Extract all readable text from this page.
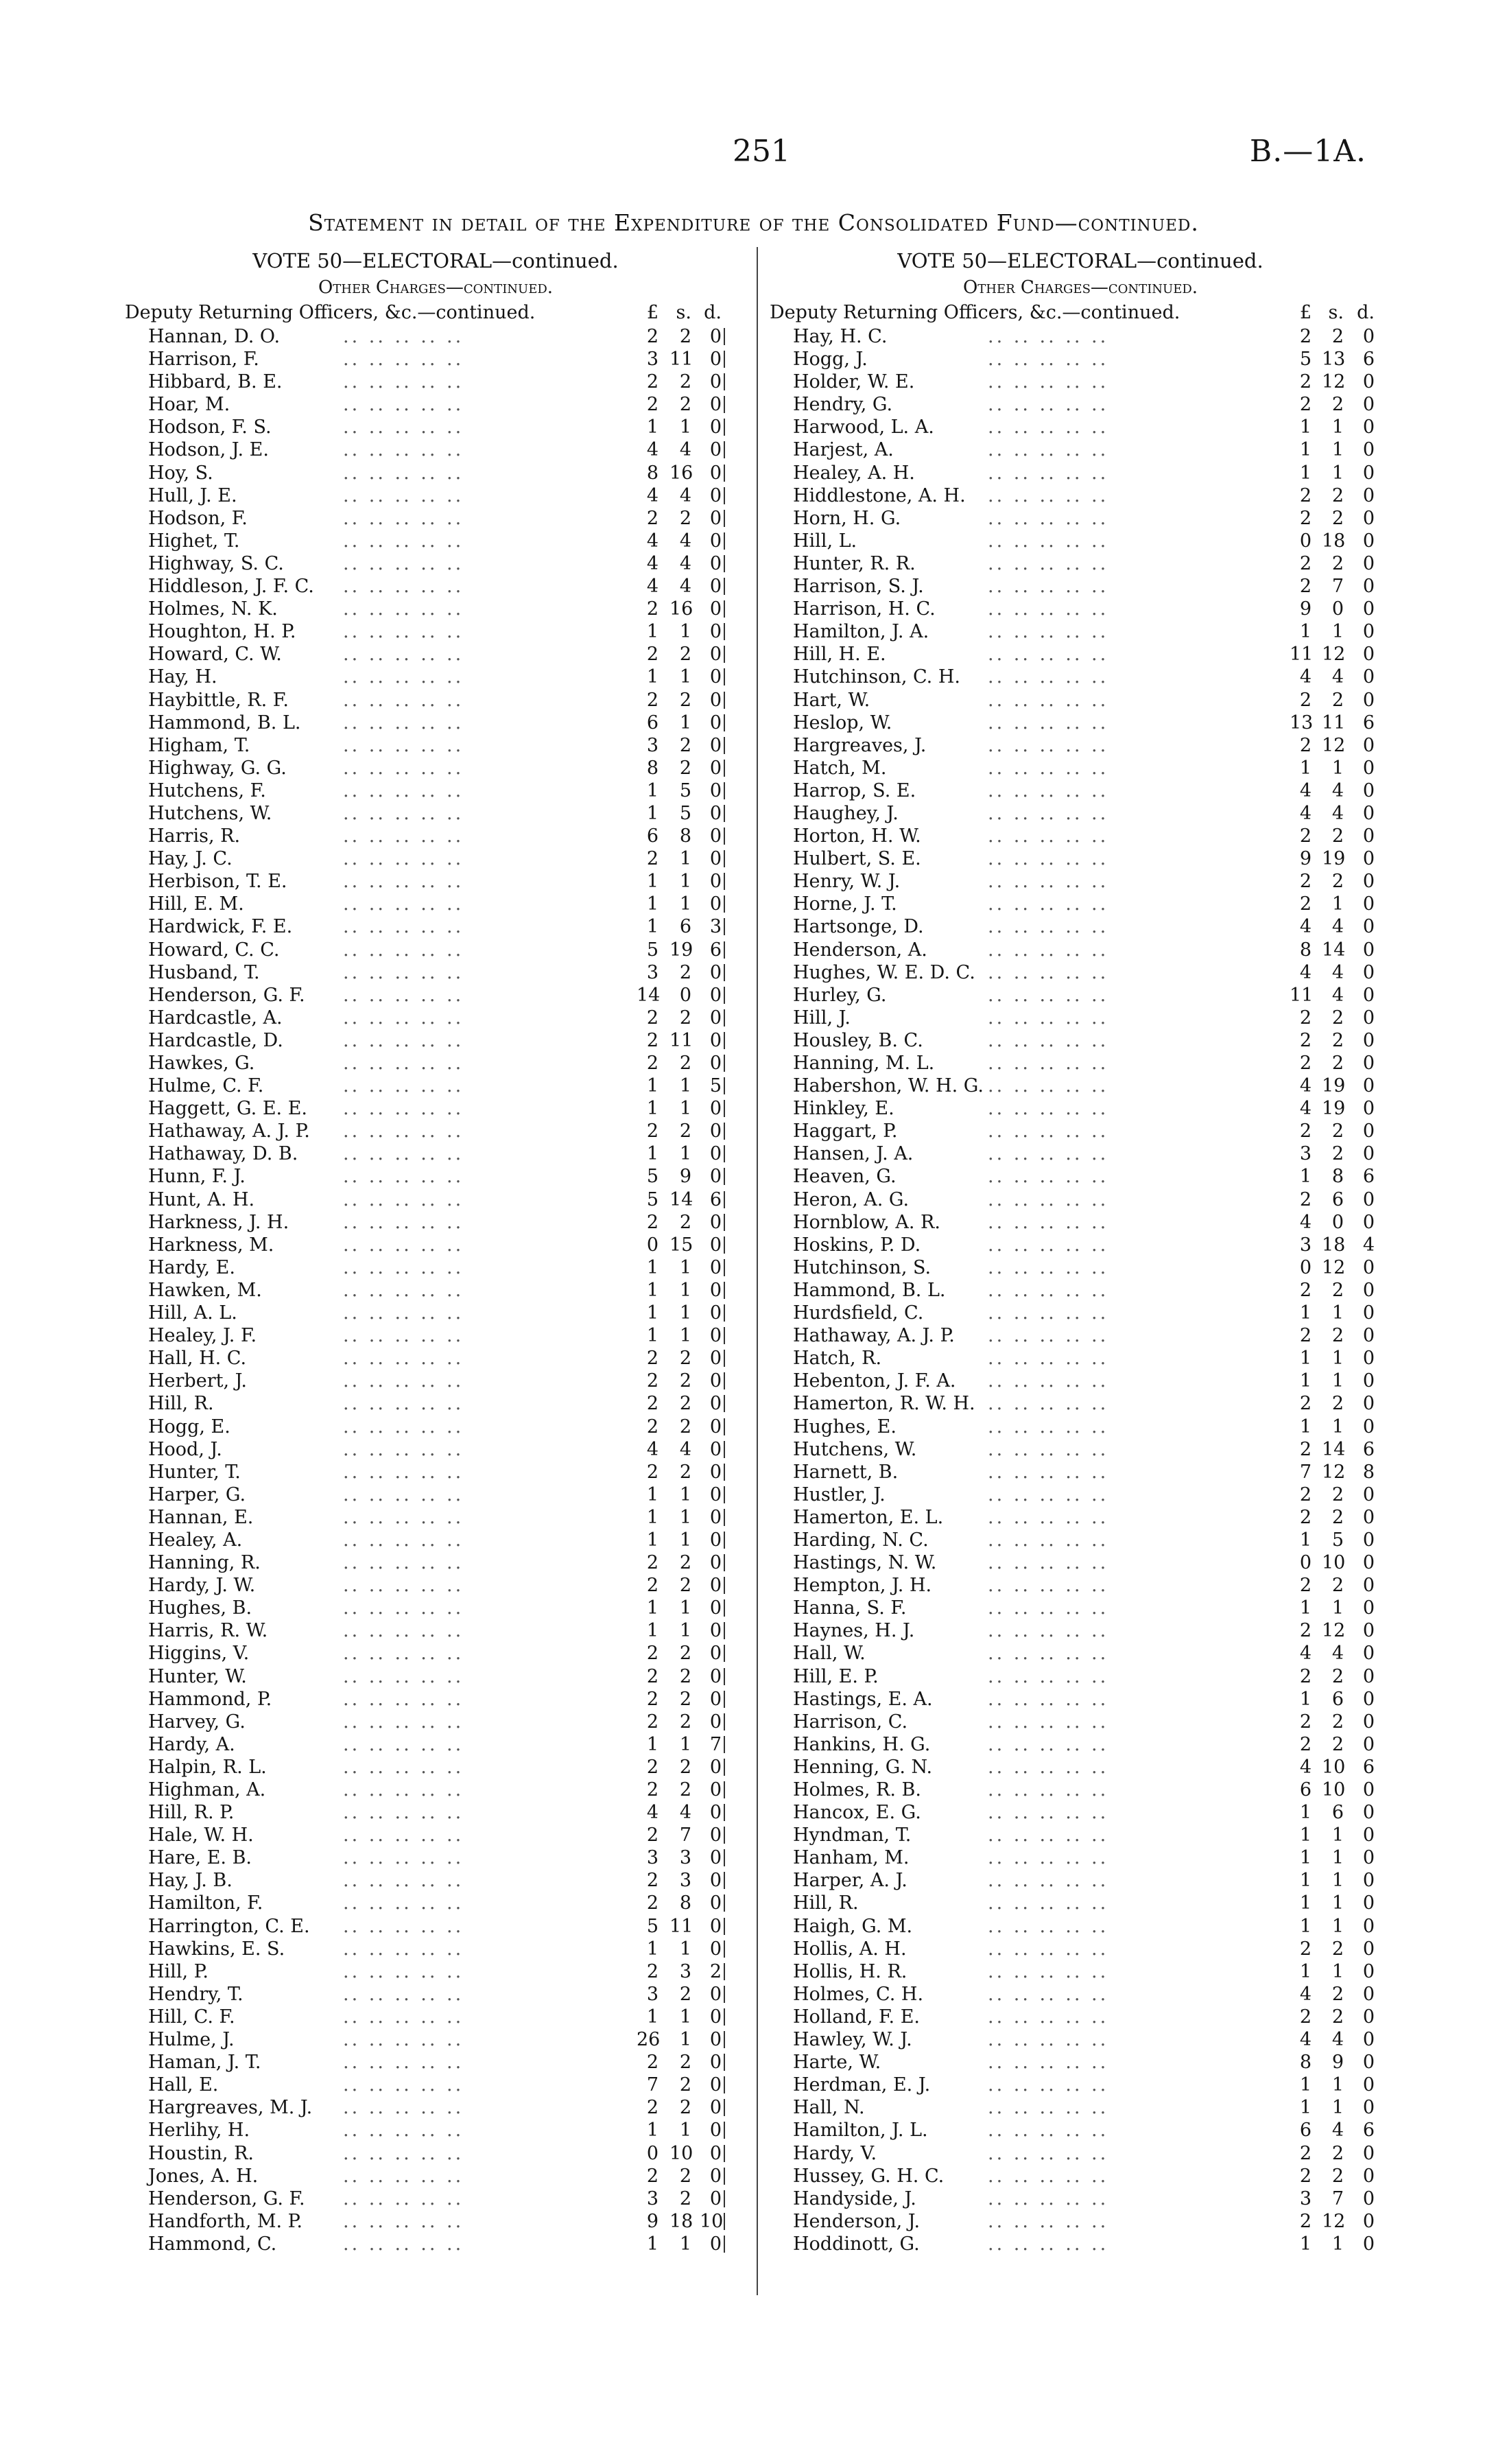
251	B.—1A.
Statement in detail of the Expenditure of the Consolidated Fund—continued.
VOTE 50—ELECTORAL—continued.
Other Charges—continued.
Deputy Returning Officers, &c.—continued.	£ s. d.
Hannan, D. O.	.. .. .. .. ..	2	2 0
Harrison, F.	.. .. .. .. ..	3 11 0
Hibbard, B. E.	.. .. .. .. ..	2	2 0
Hoar, M.	.. .. .. .. ..	2	2 0
Hodson, F. S.	.. .. .. .. ..	1	1 0
Hodson, J. E.	.. .. .. .. ..	4	4 0
Hoy, S.	.. .. .. .. ..	8 16 0
Hull, J. E.	.. .. .. .. ..	4	4 0
Hodson, F.	.. .. .. .. ..	2	2 0
Highet, T.	.. .. .. .. ..	4	4 0
Highway, S. C.	.. .. .. .. ..	4	4 0
Hiddleson, J. F. C. .. .. .. .. ..	4	4 0
Holmes, N. K.	.. .. .. .. ..	2 16 0
Houghton, H. P.	.. .. .. .. ..	1	1 0
Howard, C. W.	.. .. .. .. ..	2	2 0
Hay, H.	.. .. .. .. ..	1	1 0
Haybittle, R. F.	.. .. .. .. ..	2	2 0
Hammond, B. L. .. .. .. .. ..	6	1 0
Higham, T.	.. .. .. .. ..	3	2 0
Highway, G. G.	.. .. .. .. ..	8	2 0
Hutchens, F.	.. .. .. .. ..	1	5 0
Hutchens, W.	.. .. .. .. ..	1	5 0
Harris, R.	.. .. .. .. ..	6	8 0
Hay, J. C.	.. .. .. .. ..	2	1 0
Herbison, T. E.	.. .. .. .. ..	1	1 0
Hill, E. M.	.. .. .. .. ..	1	1 0
Hardwick, F. E.	.. .. .. .. ..	1	6 3
Howard, C. C.	.. .. .. .. ..	5 19 6
Husband, T.	.. .. .. .. ..	3	2 0
Henderson, G. F. .. .. .. .. ..	14	0 0
Hardcastle, A.	.. .. .. .. ..	2	2 0
Hardcastle, D.	.. .. .. .. ..	2 11 0
Hawkes, G.	.. .. .. .. ..	2	2 0
Hulme, C. F.	.. .. .. .. ..	1	1 5
Haggett, G. E. E. .. .. .. .. ..	1	1 0
Hathaway, A. J. P. .. .. .. .. ..	2	2 0
Hathaway, D. B. .. .. .. .. ..	1	1 0
Hunn, F. J.	.. .. .. .. ..	5	9 0
Hunt, A. H.	.. .. .. .. ..	5 14 6
Harkness, J. H.	.. .. .. .. ..	2	2 0
Harkness, M.	.. .. .. .. ..	0 15 0
Hardy, E.	.. .. .. .. ..	1	1 0
Hawken, M.	.. .. .. .. ..	1	1 0
Hill, A. L.	.. .. .. .. ..	1	1 0
Healey, J. F.	.. .. .. .. ..	1	1 0
Hall, H. C.	.. .. .. .. ..	2	2 0
Herbert, J.	.. .. .. .. ..	2	2 0
Hill, R.	.. .. .. .. ..	2	2 0
Hogg, E.	.. .. .. .. ..	2	2 0
Hood, J.	.. .. .. .. ..	4	4 0
Hunter, T.	.. .. .. .. ..	2	2 0
Harper, G.	.. .. .. .. ..	1	1 0
Hannan, E.	.. .. .. .. ..	1	1 0
Healey, A.	.. .. .. .. ..	1	1 0
Hanning, R.	.. .. .. .. ..	2	2 0
Hardy, J. W.	.. .. .. .. ..	2	2 0
Hughes, B.	.. .. .. .. ..	1	1 0
Harris, R. W.	.. .. .. .. ..	1	1 0
Higgins, V.	.. .. .. .. ..	2	2 0
Hunter, W.	.. .. .. .. ..	2	2 0
Hammond, P.	.. .. .. .. ..	2	2 0
Harvey, G.	.. .. .. .. ..	2	2 0
Hardy, A.	.. .. .. .. ..	1	1 7
Halpin, R. L.	.. .. .. .. ..	2	2 0
Highman, A.	.. .. .. .. ..	2	2 0
Hill, R. P.	.. .. .. .. ..	4	4 0
Hale, W. H.	.. .. .. .. ..	2	7 0
Hare, E. B.	.. .. .. .. ..	3	3 0
Hay, J. B.	.. .. .. .. ..	2	3 0
Hamilton, F.	.. .. .. .. ..	2	8 0
Harrington, C. E. .. .. .. .. ..	5 11 0
Hawkins, E. S.	.. .. .. .. ..	1	1 0
Hill, P.	.. .. .. .. ..	2	3 2
Hendry, T.	.. .. .. .. ..	3	2 0
Hill, C. F.	.. .. .. .. ..	1	1 0
Hulme, J.	.. .. .. .. ..	26	1 0
Haman, J. T.	.. .. .. .. ..	2	2 0
Hall, E.	.. .. .. .. ..	7	2 0
Hargreaves, M. J. .. .. .. .. ..	2	2 0
Herlihy, H.	.. .. .. .. ..	1	1 0
Houstin, R.	.. .. .. .. ..	0 10 0
Jones, A. H.	.. .. .. .. ..	2	2 0
Henderson, G. F. .. .. .. .. ..	3	2 0
Handforth, M. P. .. .. .. .. ..	9 18 10
Hammond, C.	.. .. .. .. ..	1	1 0
VOTE 50—ELECTORAL—continued.
Other Charges—continued.
Deputy Returning Officers, &c.—continued.	£ s. d.
Hay, H. C.	.. .. .. .. ..	2	2	0
Hogg, J.	.. .. .. .. ..	5 13 6
Holder, W. E.	.. .. .. .. ..	2 12 0
Hendry, G.	.. .. .. .. ..	2	2	0
Harwood, L. A.	.. .. .. .. ..	1	1	0
Harjest, A.	.. .. .. .. ..	1	1	0
Healey, A. H.	.. .. .. .. ..	1	1	0
Hiddlestone, A. H. .. .. .. .. ..	2	2	0
Horn, H. G.	.. .. .. .. ..	2	2	0
Hill, L.	.. .. .. .. ..	0 18 0
Hunter, R. R.	.. .. .. .. ..	2	2	0
Harrison, S. J.	.. .. .. .. ..	2	7	0
Harrison, H. C.	.. .. .. .. ..	9	0	0
Hamilton, J. A.	.. .. .. .. ..	1	1	0
Hill, H. E.	.. .. .. .. ..	11 12 0
Hutchinson, C. H. .. .. .. .. ..	4	4	0
Hart, W.	.. .. .. .. ..	2	2	0
Heslop, W.	.. .. .. .. ..	13 11 6
Hargreaves, J.	.. .. .. .. ..	2 12 0
Hatch, M.	.. .. .. .. ..	1	1	0
Harrop, S. E.	.. .. .. .. ..	4	4	0
Haughey, J.	.. .. .. .. ..	4	4	0
Horton, H. W.	.. .. .. .. ..	2	2	0
Hulbert, S. E.	.. .. .. .. ..	9 19 0
Henry, W. J.	.. .. .. .. ..	2	2	0
Horne, J. T.	.. .. .. .. ..	2	1	0
Hartsonge, D.	.. .. .. .. ..	4	4	0
Henderson, A.	.. .. .. .. ..	8 14 0
Hughes, W. E. D. C. .. .. .. .. ..	4	4	0
Hurley, G.	.. .. .. .. ..	11	4	0
Hill, J.	.. .. .. .. ..	2	2	0
Housley, B. C.	.. .. .. .. ..	2	2	0
Hanning, M. L.	.. .. .. .. ..	2	2	0
Habershon, W. H. G. .. .. .. .. ..	4 19 0
Hinkley, E.	.. .. .. .. ..	4 19 0
Haggart, P.	.. .. .. .. ..	2	2	0
Hansen, J. A.	.. .. .. .. ..	3	2	0
Heaven, G.	.. .. .. .. ..	1	8	6
Heron, A. G.	.. .. .. .. ..	2	6	0
Hornblow, A. R.	.. .. .. .. ..	4	0	0
Hoskins, P. D.	.. .. .. .. ..	3 18 4
Hutchinson, S.	.. .. .. .. ..	0 12 0
Hammond, B. L. .. .. .. .. ..	2	2	0
Hurdsfield, C.	.. .. .. .. ..	1	1	0
Hathaway, A. J. P. .. .. .. .. ..	2	2	0
Hatch, R.	.. .. .. .. ..	1	1	0
Hebenton, J. F. A. .. .. .. .. ..	1	1	0
Hamerton, R. W. H. .. .. .. .. ..	2	2	0
Hughes, E.	.. .. .. .. ..	1	1	0
Hutchens, W.	.. .. .. .. ..	2 14 6
Harnett, B.	.. .. .. .. ..	7 12 8
Hustler, J.	.. .. .. .. ..	2	2	0
Hamerton, E. L. .. .. .. .. ..	2	2	0
Harding, N. C.	.. .. .. .. ..	1	5	0
Hastings, N. W.	.. .. .. .. ..	0 10 0
Hempton, J. H.	.. .. .. .. ..	2	2	0
Hanna, S. F.	.. .. .. .. ..	1	1	0
Haynes, H. J.	.. .. .. .. ..	2 12 0
Hall, W.	.. .. .. .. ..	4	4	0
Hill, E. P.	.. .. .. .. ..	2	2	0
Hastings, E. A.	.. .. .. .. ..	1	6	0
Harrison, C.	.. .. .. .. ..	2	2	0
Hankins, H. G.	.. .. .. .. ..	2	2	0
Henning, G. N.	.. .. .. .. ..	4 10 6
Holmes, R. B.	.. .. .. .. ..	6 10 0
Hancox, E. G.	.. .. .. .. ..	1	6	0
Hyndman, T.	.. .. .. .. ..	1	1	0
Hanham, M.	.. .. .. .. ..	1	1	0
Harper, A. J.	.. .. .. .. ..	1	1	0
Hill, R.	.. .. .. .. ..	1	1	0
Haigh, G. M.	.. .. .. .. ..	1	1	0
Hollis, A. H.	.. .. .. .. ..	2	2	0
Hollis, H. R.	.. .. .. .. ..	1	1	0
Holmes, C. H.	.. .. .. .. ..	4	2	0
Holland, F. E.	.. .. .. .. ..	2	2	0
Hawley, W. J.	.. .. .. .. ..	4	4	0
Harte, W.	.. .. .. .. ..	8	9	0
Herdman, E. J.	.. .. .. .. ..	1	1	0
Hall, N.	.. .. .. .. ..	1	1	0
Hamilton, J. L.	.. .. .. .. ..	6	4	6
Hardy, V.	.. .. .. .. ..	2	2	0
Hussey, G. H. C. .. .. .. .. ..	2	2	0
Handyside, J.	.. .. .. .. ..	3	7	0
Henderson, J.	.. .. .. .. ..	2 12 0
Hoddinott, G.	.. .. .. .. ..	1	1	0
